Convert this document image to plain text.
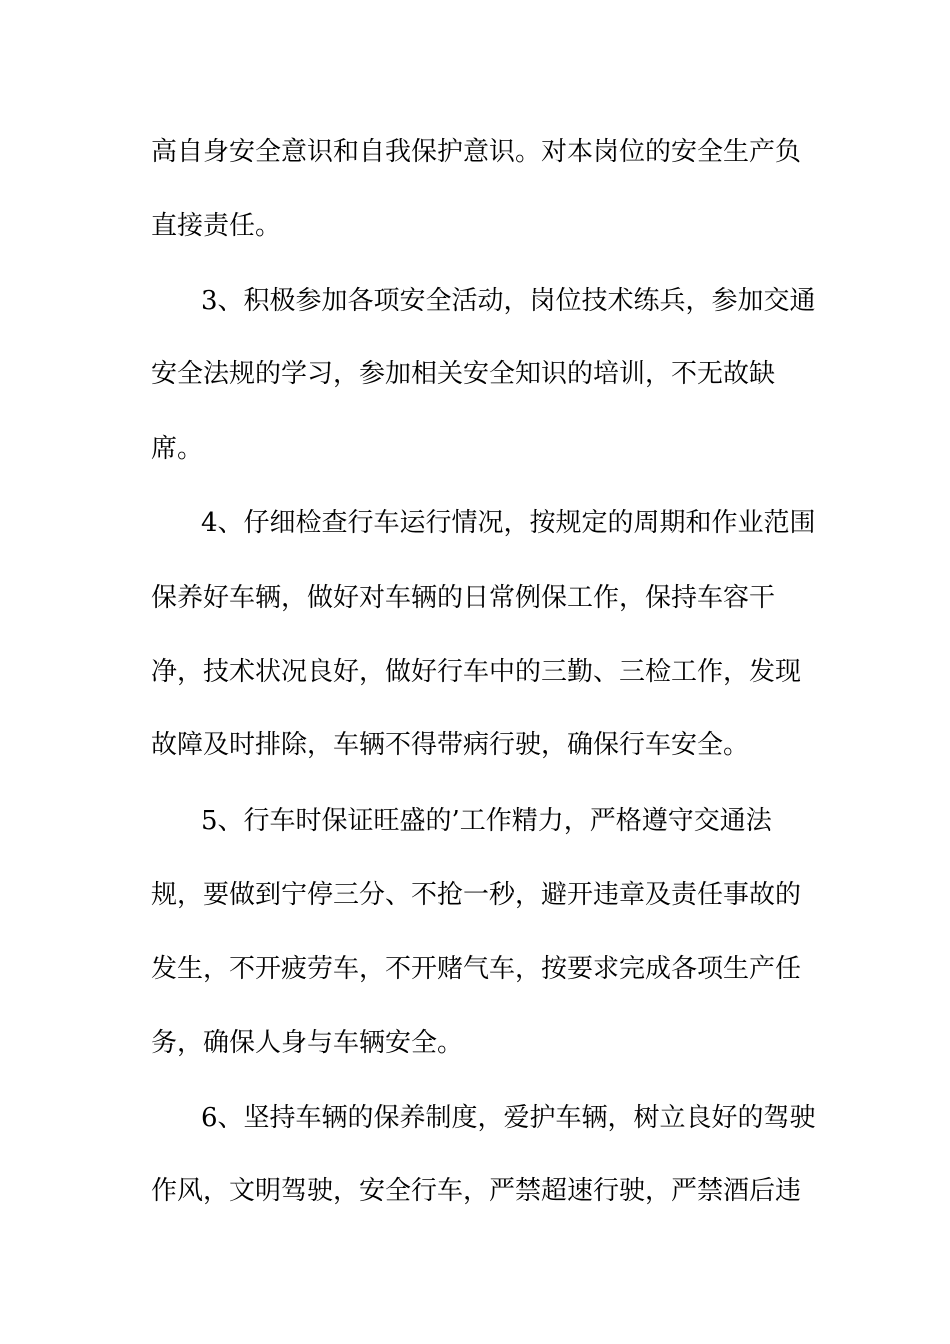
高自身安全意识和自我保护意识。对本岗位的安全生产负
直接责任。
3、积极参加各项安全活动，岗位技术练兵，参加交通
安全法规的学习，参加相关安全知识的培训，不无故缺
席。
4、仔细检查行车运行情况，按规定的周期和作业范围
保养好车辆，做好对车辆的日常例保工作，保持车容干
净，技术状况良好，做好行车中的三勤、三检工作，发现
故障及时排除，车辆不得带病行驶，确保行车安全。
5、行车时保证旺盛的’工作精力，严格遵守交通法
规，要做到宁停三分、不抢一秒，避开违章及责任事故的
发生，不开疲劳车，不开赌气车，按要求完成各项生产任
务，确保人身与车辆安全。
6、坚持车辆的保养制度，爱护车辆，树立良好的驾驶
作风，文明驾驶，安全行车，严禁超速行驶，严禁酒后违
